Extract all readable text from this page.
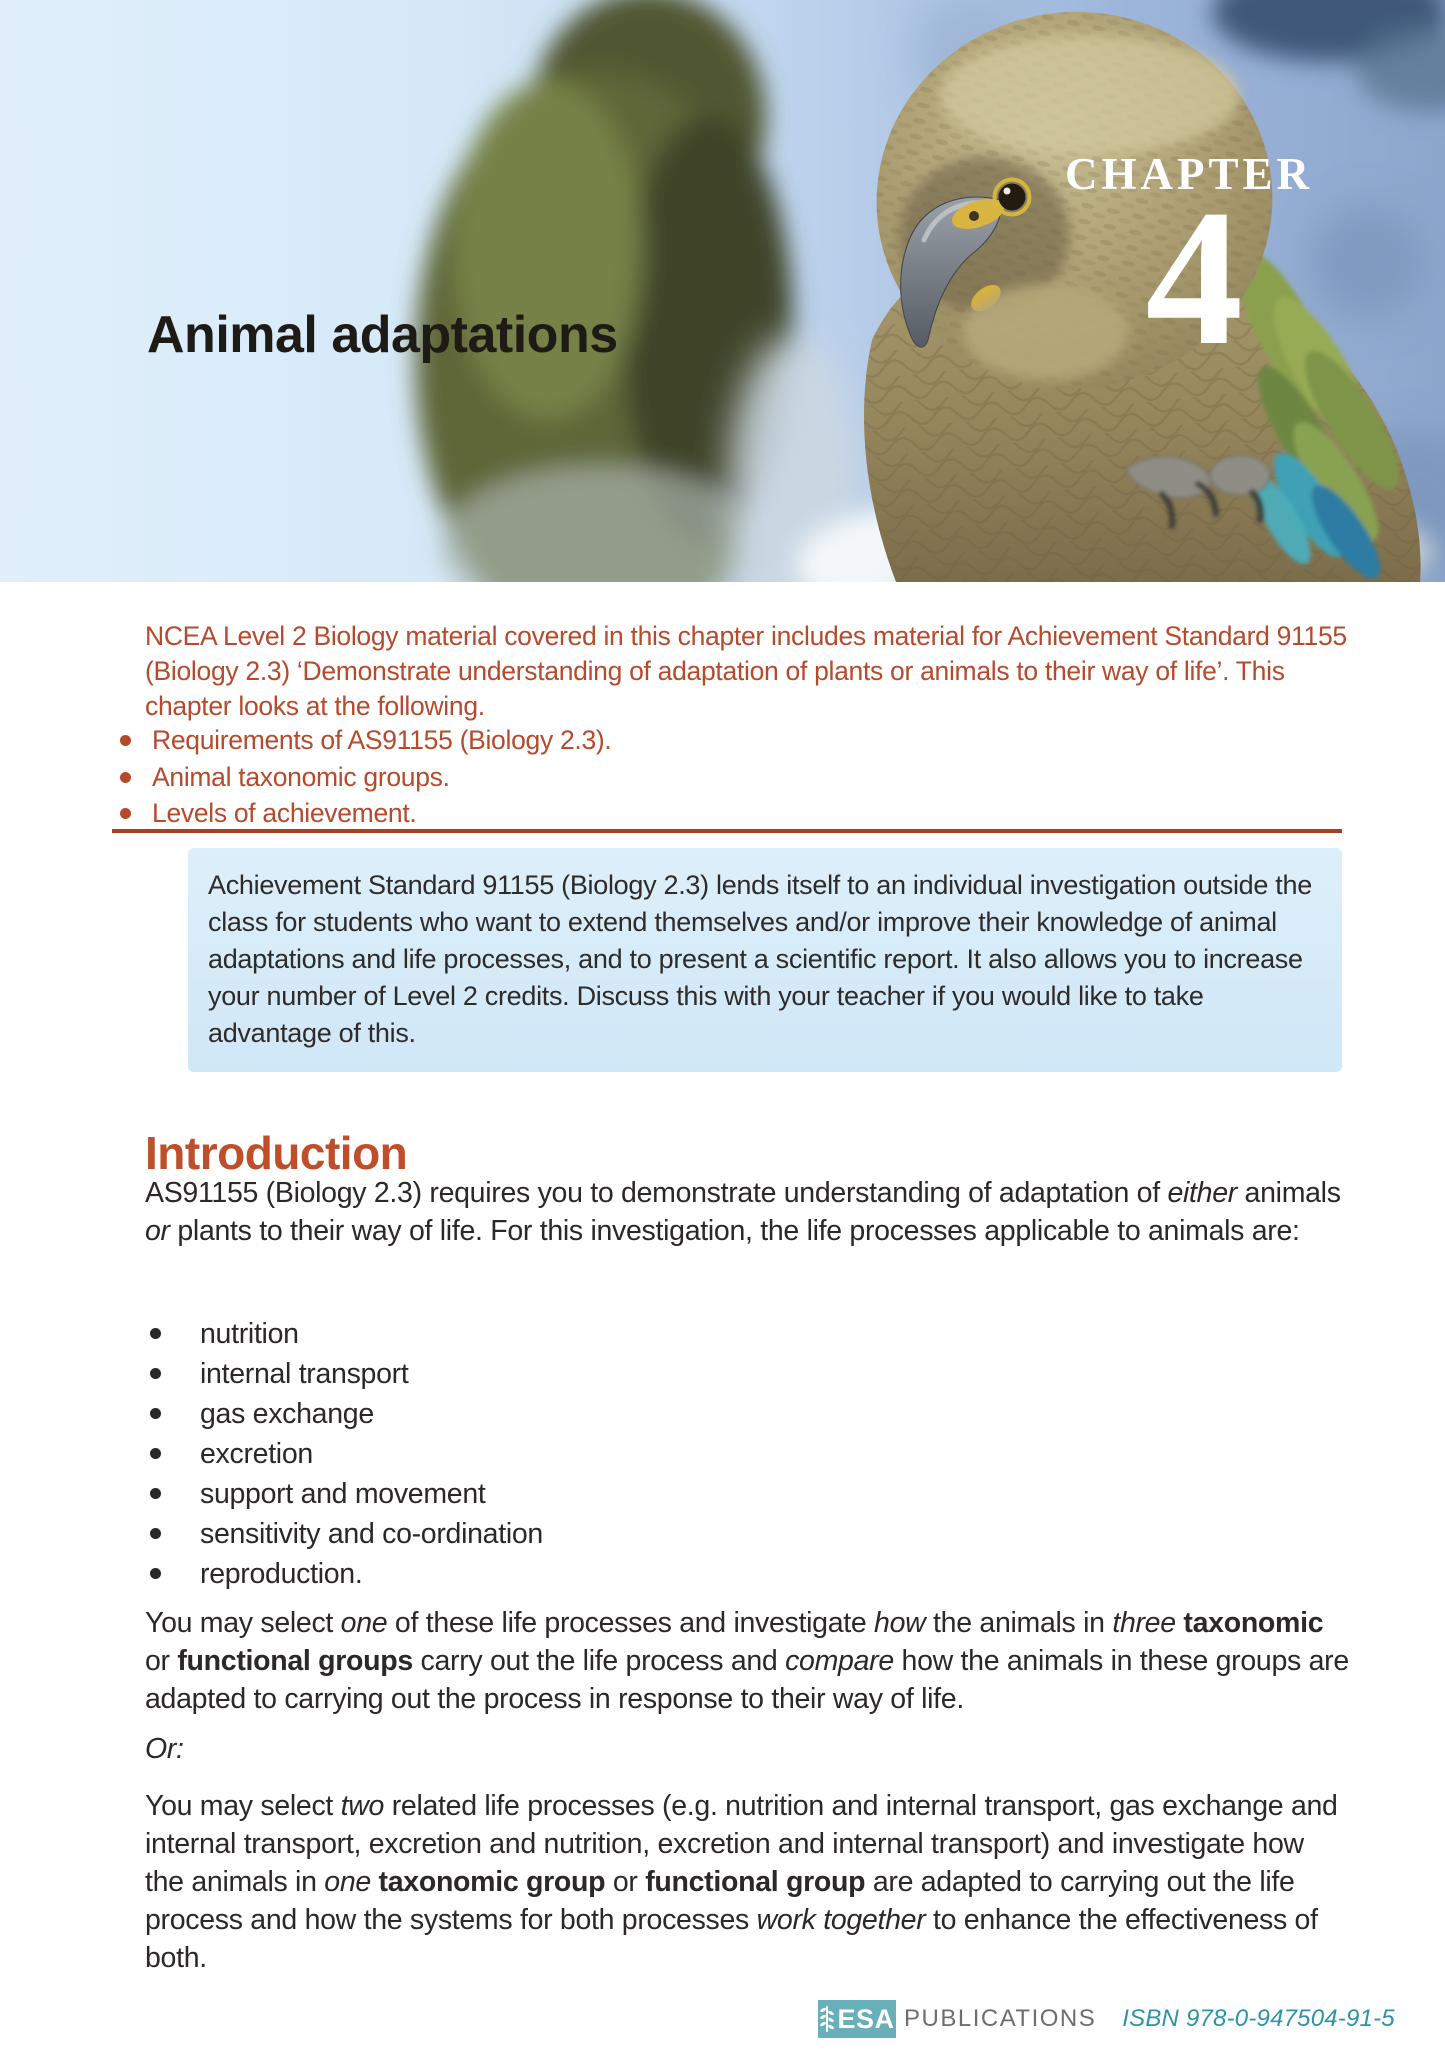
CHAPTER
4
Animal adaptations

NCEA Level 2 Biology material covered in this chapter includes material for Achievement Standard 91155 (Biology 2.3) ‘Demonstrate understanding of adaptation of plants or animals to their way of life’. This chapter looks at the following.

Requirements of AS91155 (Biology 2.3).
Animal taxonomic groups.
Levels of achievement.

Achievement Standard 91155 (Biology 2.3) lends itself to an individual investigation outside the class for students who want to extend themselves and/or improve their knowledge of animal adaptations and life processes, and to present a scientific report. It also allows you to increase your number of Level 2 credits. Discuss this with your teacher if you would like to take advantage of this.

Introduction

AS91155 (Biology 2.3) requires you to demonstrate understanding of adaptation of either animals or plants to their way of life. For this investigation, the life processes applicable to animals are:

nutrition
internal transport
gas exchange
excretion
support and movement
sensitivity and co-ordination
reproduction.

You may select one of these life processes and investigate how the animals in three taxonomic or functional groups carry out the life process and compare how the animals in these groups are adapted to carrying out the process in response to their way of life.

Or:

You may select two related life processes (e.g. nutrition and internal transport, gas exchange and internal transport, excretion and nutrition, excretion and internal transport) and investigate how the animals in one taxonomic group or functional group are adapted to carrying out the life process and how the systems for both processes work together to enhance the effectiveness of both.

ESA PUBLICATIONS ISBN 978-0-947504-91-5
